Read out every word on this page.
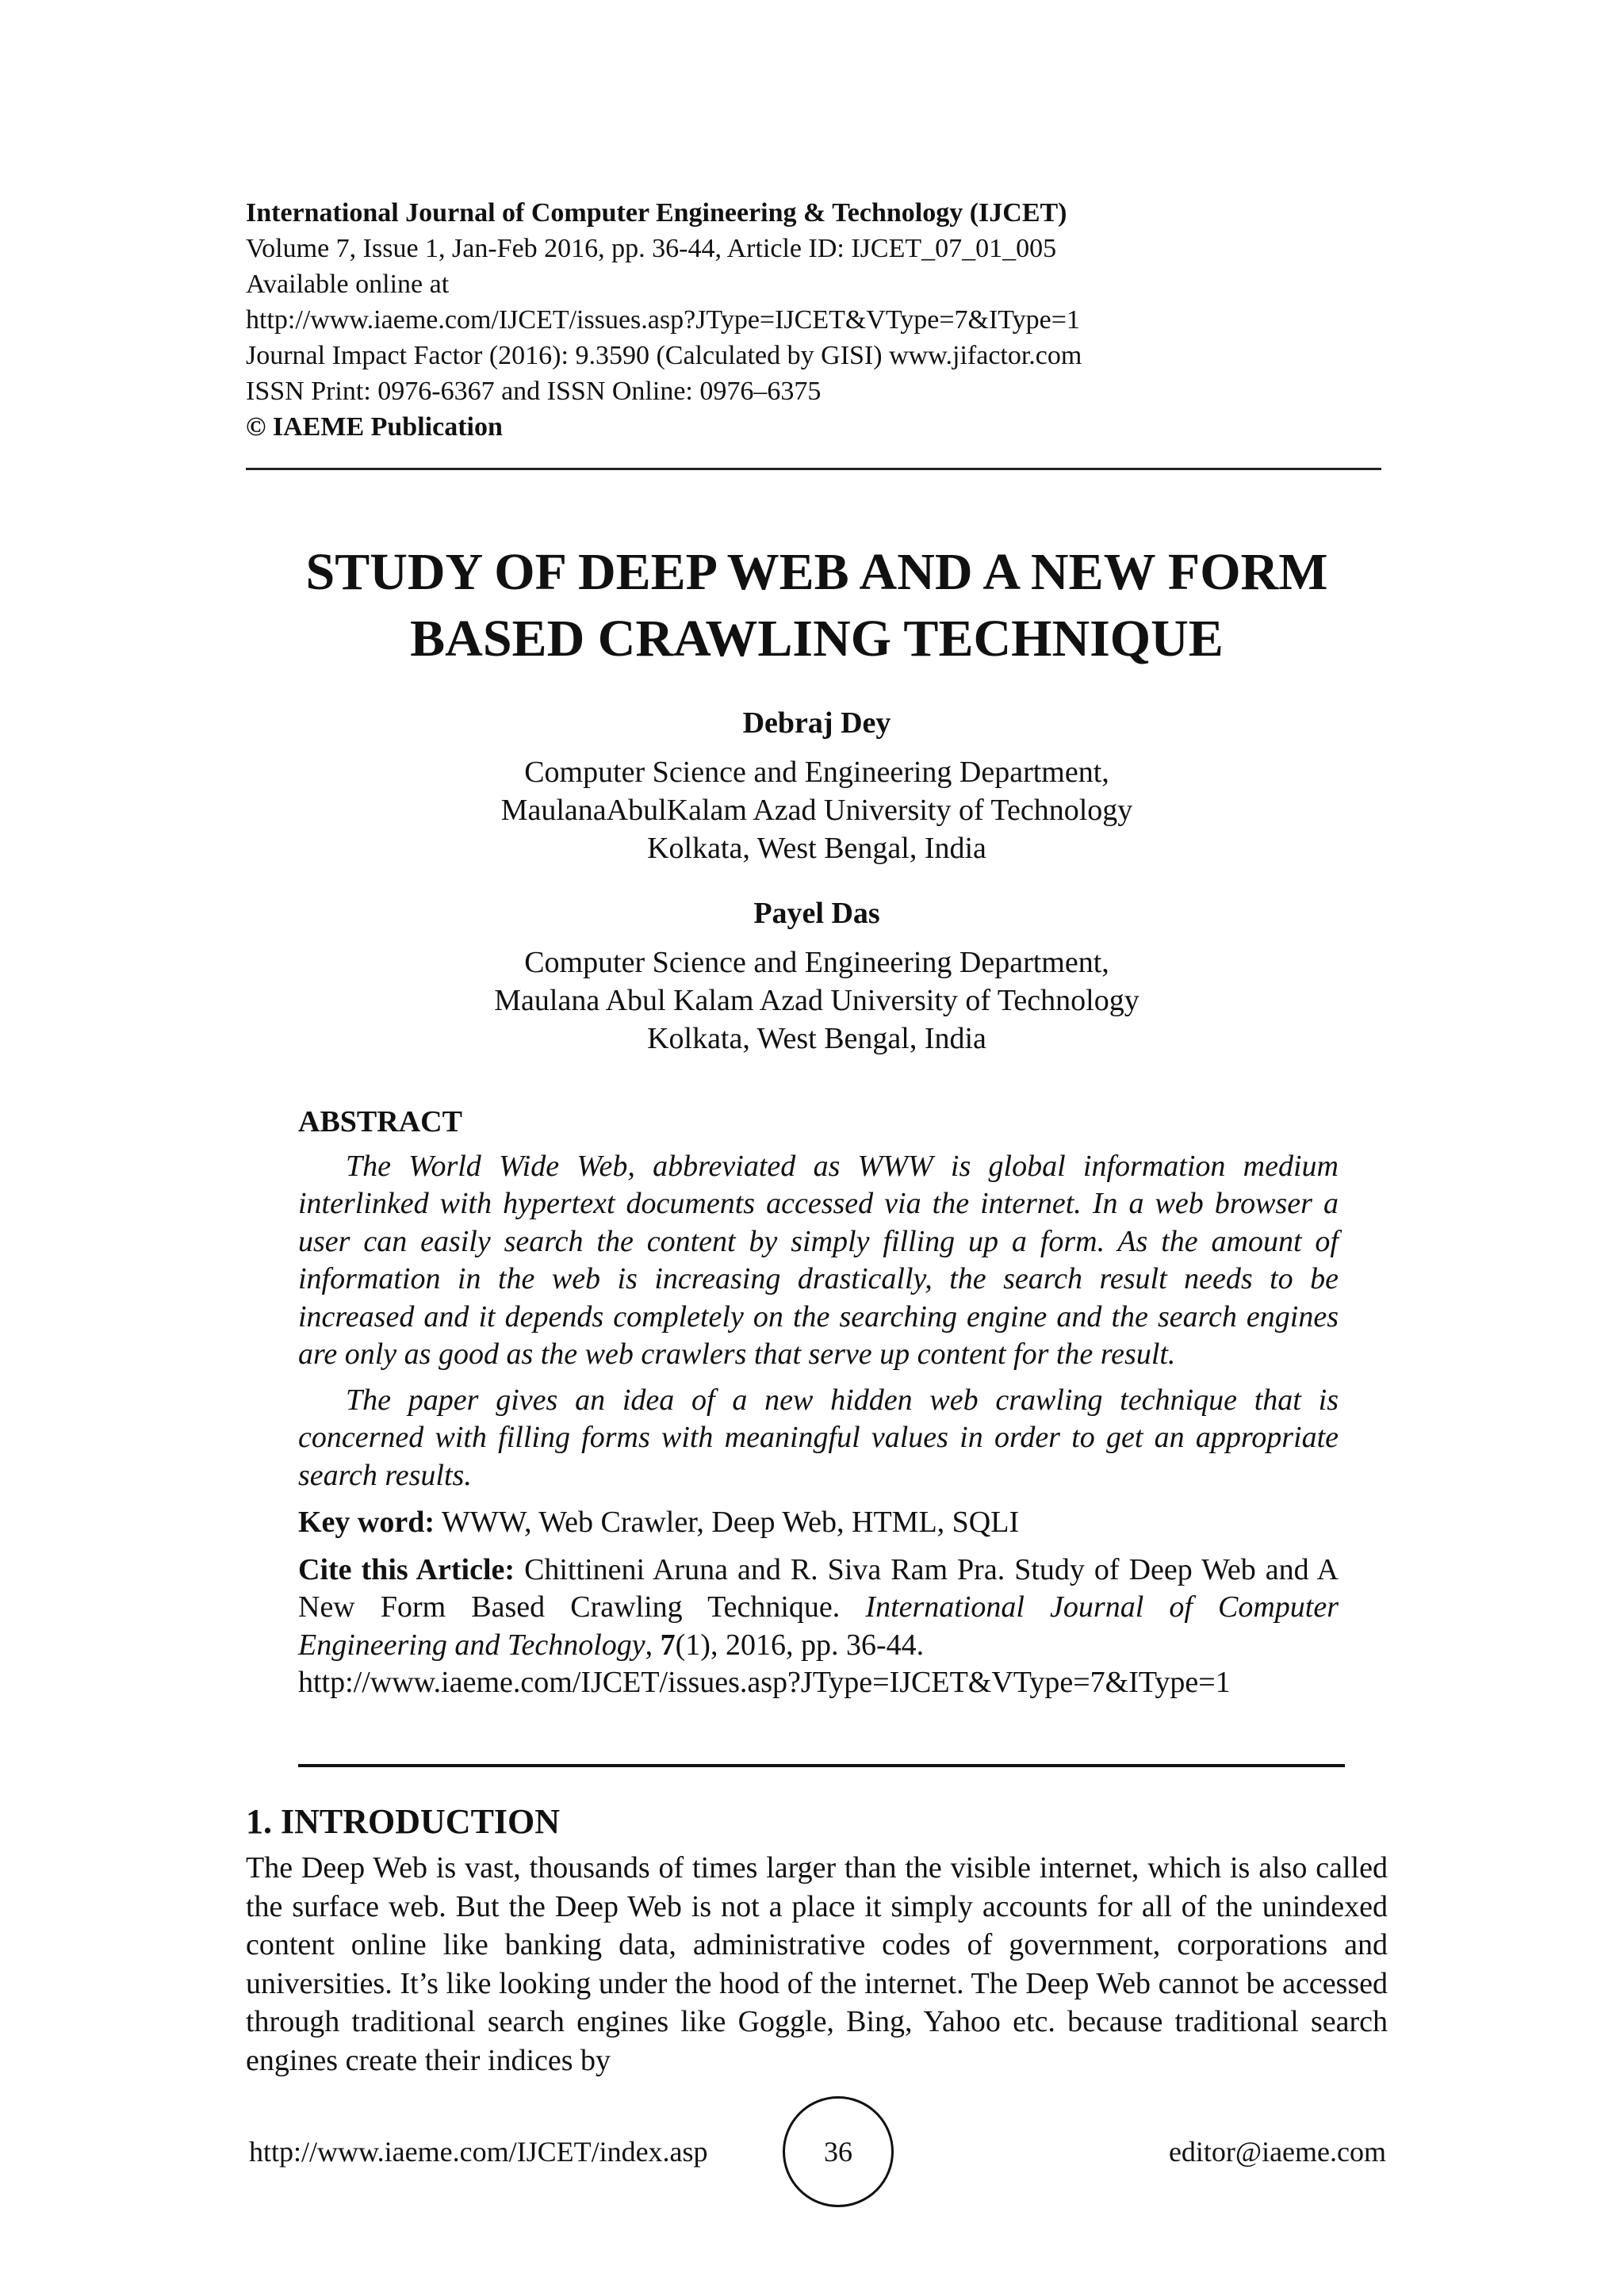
International Journal of Computer Engineering & Technology (IJCET)
Volume 7, Issue 1, Jan-Feb 2016, pp. 36-44, Article ID: IJCET_07_01_005
Available online at
http://www.iaeme.com/IJCET/issues.asp?JType=IJCET&VType=7&IType=1
Journal Impact Factor (2016): 9.3590 (Calculated by GISI) www.jifactor.com
ISSN Print: 0976-6367 and ISSN Online: 0976–6375
© IAEME Publication
STUDY OF DEEP WEB AND A NEW FORM
BASED CRAWLING TECHNIQUE
Debraj Dey
Computer Science and Engineering Department,
MaulanaAbulKalam Azad University of Technology
Kolkata, West Bengal, India
Payel Das
Computer Science and Engineering Department,
Maulana Abul Kalam Azad University of Technology
Kolkata, West Bengal, India
ABSTRACT

The World Wide Web, abbreviated as WWW is global information medium interlinked with hypertext documents accessed via the internet. In a web browser a user can easily search the content by simply filling up a form. As the amount of information in the web is increasing drastically, the search result needs to be increased and it depends completely on the searching engine and the search engines are only as good as the web crawlers that serve up content for the result.

The paper gives an idea of a new hidden web crawling technique that is concerned with filling forms with meaningful values in order to get an appropriate search results.

Key word: WWW, Web Crawler, Deep Web, HTML, SQLI

Cite this Article: Chittineni Aruna and R. Siva Ram Pra. Study of Deep Web and A New Form Based Crawling Technique. International Journal of Computer Engineering and Technology, 7(1), 2016, pp. 36-44.
http://www.iaeme.com/IJCET/issues.asp?JType=IJCET&VType=7&IType=1

1. INTRODUCTION

The Deep Web is vast, thousands of times larger than the visible internet, which is also called the surface web. But the Deep Web is not a place it simply accounts for all of the unindexed content online like banking data, administrative codes of government, corporations and universities. It’s like looking under the hood of the internet. The Deep Web cannot be accessed through traditional search engines like Goggle, Bing, Yahoo etc. because traditional search engines create their indices by

http://www.iaeme.com/IJCET/index.asp	36	editor@iaeme.com
